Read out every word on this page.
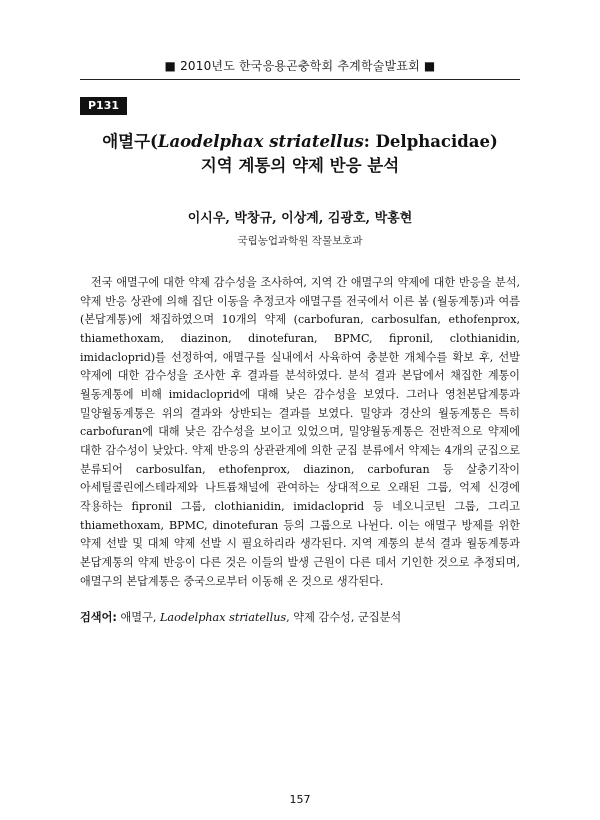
■ 2010년도 한국응용곤충학회 추계학술발표회 ■
P131
애멸구(Laodelphax striatellus: Delphacidae)
지역 계통의 약제 반응 분석
이시우, 박창규, 이상계, 김광호, 박홍현
국립농업과학원 작물보호과

전국 애멸구에 대한 약제 감수성을 조사하여, 지역 간 애멸구의 약제에 대한 반응을 분석, 약제 반응 상관에 의해 집단 이동을 추정코자 애멸구를 전국에서 이른 봄 (월동계통)과 여름 (본답계통)에 채집하였으며 10개의 약제 (carbofuran, carbosulfan, ethofenprox, thiamethoxam, diazinon, dinotefuran, BPMC, fipronil, clothianidin, imidacloprid)를 선정하여, 애멸구를 실내에서 사육하여 충분한 개체수를 확보 후, 선발 약제에 대한 감수성을 조사한 후 결과를 분석하였다. 분석 결과 본답에서 채집한 계통이 월동계통에 비해 imidacloprid에 대해 낮은 감수성을 보였다. 그러나 영천본답계통과 밀양월동계통은 위의 결과와 상반되는 결과를 보였다. 밀양과 경산의 월동계통은 특히 carbofuran에 대해 낮은 감수성을 보이고 있었으며, 밀양월동계통은 전반적으로 약제에 대한 감수성이 낮았다. 약제 반응의 상관관계에 의한 군집 분류에서 약제는 4개의 군집으로 분류되어 carbosulfan, ethofenprox, diazinon, carbofuran 등 살충기작이 아세틸콜린에스테라제와 나트륨채널에 관여하는 상대적으로 오래된 그룹, 억제 신경에 작용하는 fipronil 그룹, clothianidin, imidacloprid 등 네오니코틴 그룹, 그리고 thiamethoxam, BPMC, dinotefuran 등의 그룹으로 나뉜다. 이는 애멸구 방제를 위한 약제 선발 및 대체 약제 선발 시 필요하리라 생각된다. 지역 계통의 분석 결과 월동계통과 본답계통의 약제 반응이 다른 것은 이들의 발생 근원이 다른 데서 기인한 것으로 추정되며, 애멸구의 본답계통은 중국으로부터 이동해 온 것으로 생각된다.

검색어: 애멸구, Laodelphax striatellus, 약제 감수성, 군집분석
157
